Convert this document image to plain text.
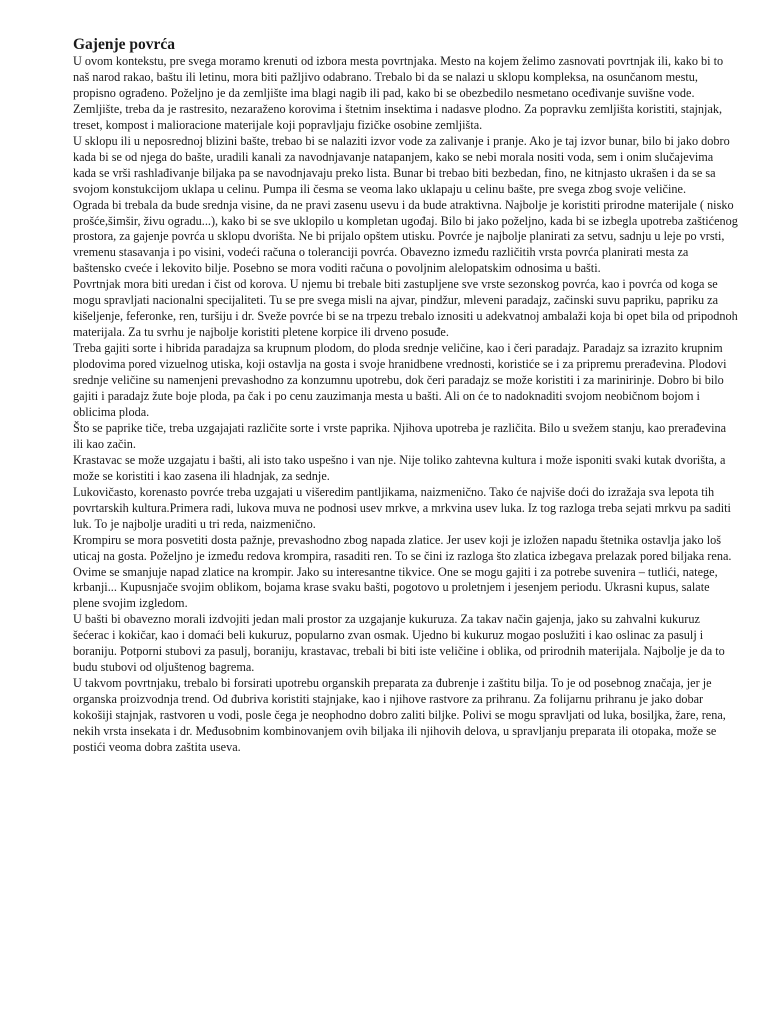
Gajenje povrća

U ovom kontekstu, pre svega moramo krenuti od izbora mesta povrtnjaka. Mesto na kojem želimo zasnovati povrtnjak ili, kako bi to naš narod rakao, baštu ili letinu, mora biti pažljivo odabrano. Trebalo bi da se nalazi u sklopu kompleksa, na osunčanom mestu, propisno ograđeno. Poželjno je da zemljište ima blagi nagib ili pad, kako bi se obezbedilo nesmetano oceđivanje suvišne vode. Zemljište, treba da je rastresito, nezaraženo korovima i štetnim insektima i nadasve plodno. Za popravku zemljišta koristiti, stajnjak, treset, kompost i malioracione materijale koji popravljaju fizičke osobine zemljišta.

U sklopu ili u neposrednoj blizini bašte, trebao bi se nalaziti izvor vode za zalivanje i pranje. Ako je taj izvor bunar, bilo bi jako dobro kada bi se od njega do bašte, uradili kanali za navodnjavanje natapanjem, kako se nebi morala nositi voda, sem i onim slučajevima kada se vrši rashlađivanje biljaka pa se navodnjavaju preko lista. Bunar bi trebao biti bezbedan, fino, ne kitnjasto ukrašen i da se sa svojom konstukcijom uklapa u celinu. Pumpa ili česma se veoma lako uklapaju u celinu bašte, pre svega zbog svoje veličine.

Ograda bi trebala da bude srednja visine, da ne pravi zasenu usevu i da bude atraktivna. Najbolje je koristiti prirodne materijale ( nisko prošće,šimšir, živu ogradu...), kako bi se sve uklopilo u kompletan ugođaj. Bilo bi jako poželjno, kada bi se izbegla upotreba zaštićenog prostora, za gajenje povrća u sklopu dvorišta. Ne bi prijalo opštem utisku. Povrće je najbolje planirati za setvu, sadnju u leje po vrsti, vremenu stasavanja i po visini, vodeći računa o toleranciji povrća. Obavezno između različitih vrsta povrća planirati mesta za baštensko cveće i lekovito bilje. Posebno se mora voditi računa o povoljnim alelopatskim odnosima u bašti.

Povrtnjak mora biti uredan i čist od korova. U njemu bi trebale biti zastupljene sve vrste sezonskog povrća, kao i povrća od koga se mogu spravljati nacionalni specijaliteti. Tu se pre svega misli na ajvar, pindžur, mleveni paradajz, začinski suvu papriku, papriku za kišeljenje, feferonke, ren, turšiju i dr. Sveže povrće bi se na trpezu trebalo iznositi u adekvatnoj ambalaži koja bi opet bila od pripodnoh materijala. Za tu svrhu je najbolje koristiti pletene korpice ili drveno posuđe.

Treba gajiti sorte i hibrida paradajza sa krupnum plodom, do ploda srednje veličine, kao i čeri paradajz. Paradajz sa izrazito krupnim plodovima pored vizuelnog utiska, koji ostavlja na gosta i svoje hranidbene vrednosti, koristiće se i za pripremu prerađevina. Plodovi srednje veličine su namenjeni prevashodno za konzumnu upotrebu, dok čeri paradajz se može koristiti i za marinirinje. Dobro bi bilo gajiti i paradajz žute boje ploda, pa čak i po cenu zauzimanja mesta u bašti. Ali on će to nadoknaditi svojom neobičnom bojom i oblicima ploda.

Što se paprike tiče, treba uzgajajati različite sorte i vrste paprika. Njihova upotreba je različita. Bilo u svežem stanju, kao prerađevina ili kao začin.

Krastavac se može uzgajatu i bašti, ali isto tako uspešno i van nje. Nije toliko zahtevna kultura i može isponiti svaki kutak dvorišta, a može se koristiti i kao zasena ili hladnjak, za sednje.

Lukovičasto, korenasto povrće treba uzgajati u višeredim pantljikama, naizmenično. Tako će najviše doći do izražaja sva lepota tih povrtarskih kultura.Primera radi, lukova muva ne podnosi usev mrkve, a mrkvina usev luka. Iz tog razloga treba sejati mrkvu pa saditi luk. To je najbolje uraditi u tri reda, naizmenično.

Krompiru se mora posvetiti dosta pažnje, prevashodno zbog napada zlatice. Jer usev koji je izložen napadu štetnika ostavlja jako loš uticaj na gosta. Poželjno je između redova krompira, rasaditi ren. To se čini iz razloga što zlatica izbegava prelazak pored biljaka rena. Ovime se smanjuje napad zlatice na krompir. Jako su interesantne tikvice. One se mogu gajiti i za potrebe suvenira – tutlići, natege, krbanji... Kupusnjače svojim oblikom, bojama krase svaku bašti, pogotovo u proletnjem i jesenjem periodu. Ukrasni kupus, salate plene svojim izgledom.

U bašti bi obavezno morali izdvojiti jedan mali prostor za uzgajanje kukuruza. Za takav način gajenja, jako su zahvalni kukuruz šećerac i kokičar, kao i domaći beli kukuruz, popularno zvan osmak. Ujedno bi kukuruz mogao poslužiti i kao oslinac za pasulj i boraniju. Potporni stubovi za pasulj, boraniju, krastavac, trebali bi biti iste veličine i oblika, od prirodnih materijala. Najbolje je da to budu stubovi od oljuštenog bagrema.

U takvom povrtnjaku, trebalo bi forsirati upotrebu organskih preparata za đubrenje i zaštitu bilja. To je od posebnog značaja, jer je organska proizvodnja trend. Od đubriva koristiti stajnjake, kao i njihove rastvore za prihranu. Za folijarnu prihranu je jako dobar kokošiji stajnjak, rastvoren u vodi, posle čega je neophodno dobro zaliti biljke. Polivi se mogu spravljati od luka, bosiljka, žare, rena, nekih vrsta insekata i dr. Međusobnim kombinovanjem ovih biljaka ili njihovih delova, u spravljanju preparata ili otopaka, može se postići veoma dobra zaštita useva.
